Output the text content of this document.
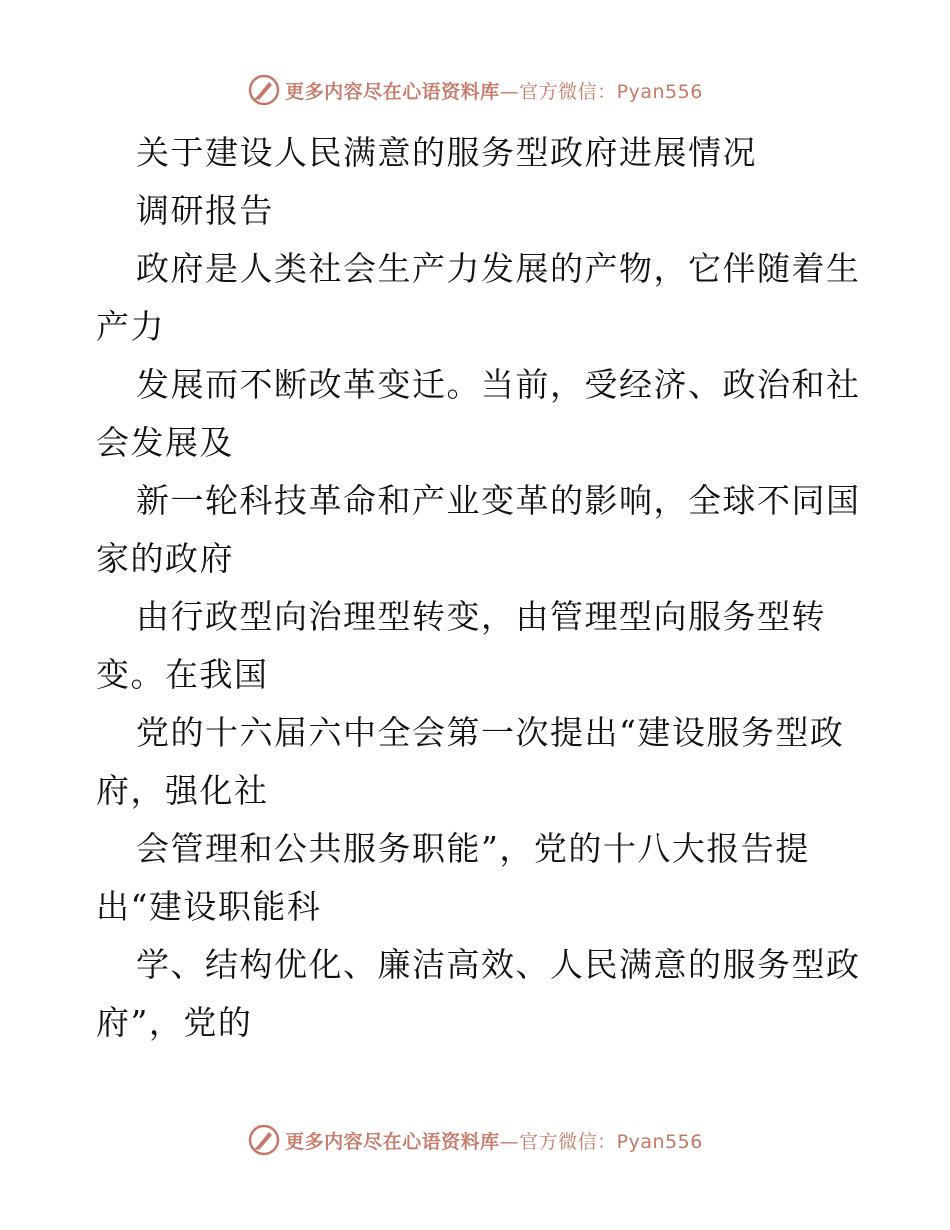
更多内容尽在心语资料库—官方微信：Pyan556
关于建设人民满意的服务型政府进展情况
调研报告
政府是人类社会生产力发展的产物，它伴随着生
产力
发展而不断改革变迁。当前，受经济、政治和社
会发展及
新一轮科技革命和产业变革的影响，全球不同国
家的政府
由行政型向治理型转变，由管理型向服务型转
变。在我国
党的十六届六中全会第一次提出“建设服务型政
府，强化社
会管理和公共服务职能”，党的十八大报告提
出“建设职能科
学、结构优化、廉洁高效、人民满意的服务型政
府”，党的
更多内容尽在心语资料库—官方微信：Pyan556
